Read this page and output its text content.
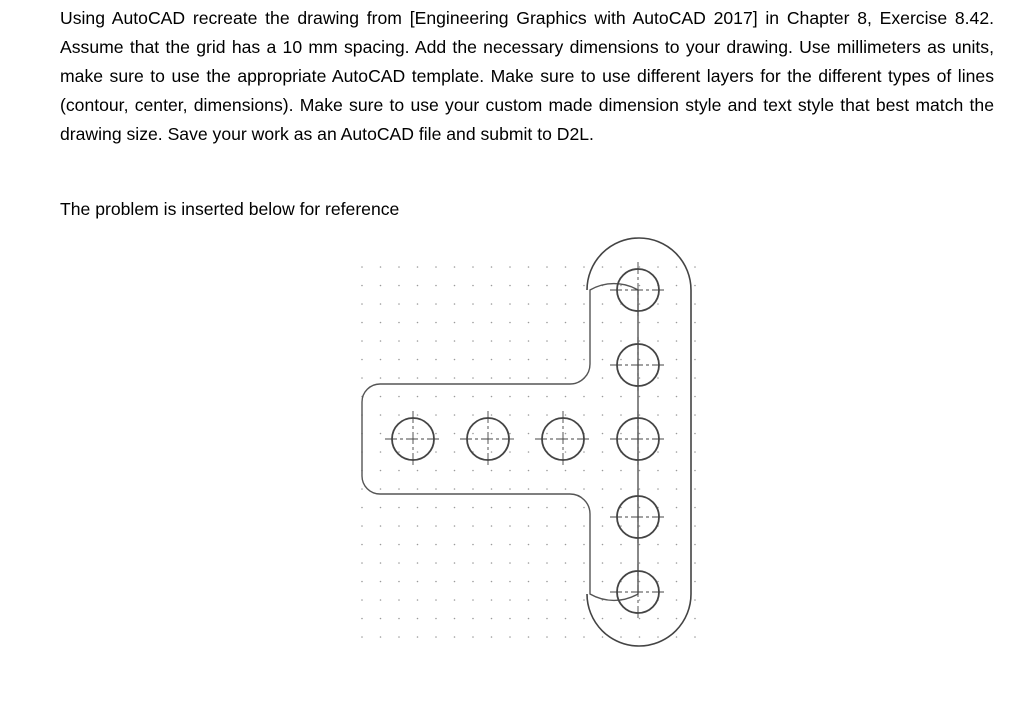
Using AutoCAD recreate the drawing from [Engineering Graphics with AutoCAD 2017] in Chapter 8, Exercise 8.42. Assume that the grid has a 10 mm spacing. Add the necessary dimensions to your drawing. Use millimeters as units, make sure to use the appropriate AutoCAD template. Make sure to use different layers for the different types of lines (contour, center, dimensions). Make sure to use your custom made dimension style and text style that best match the drawing size. Save your work as an AutoCAD file and submit to D2L.

The problem is inserted below for reference
